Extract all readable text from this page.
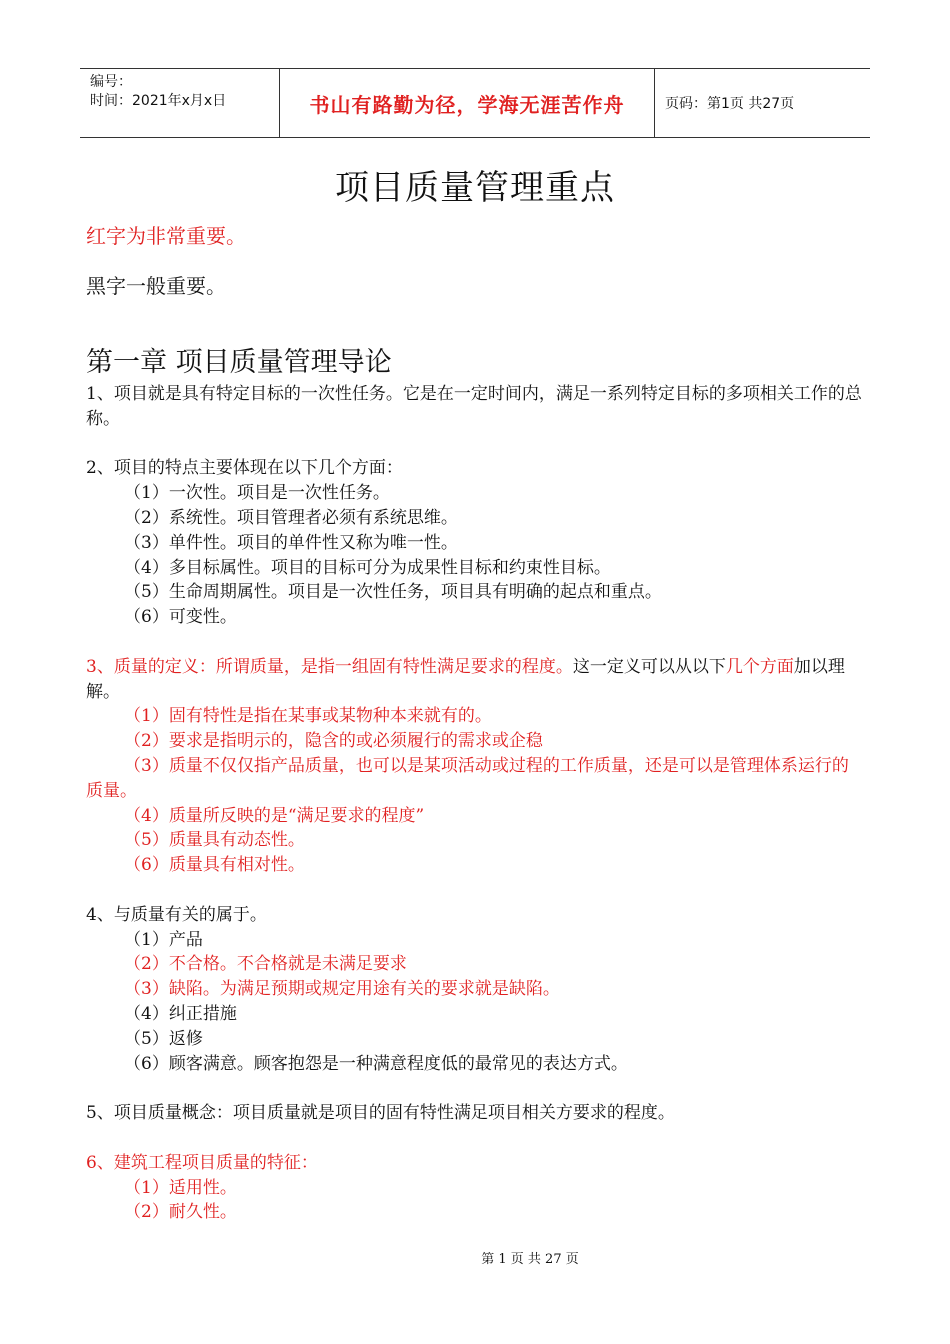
编号：
时间：2021年x月x日	书山有路勤为径，学海无涯苦作舟	页码：第1页 共27页
项目质量管理重点
红字为非常重要。
黑字一般重要。
第一章 项目质量管理导论

1、项目就是具有特定目标的一次性任务。它是在一定时间内，满足一系列特定目标的多项相关工作的总称。

2、项目的特点主要体现在以下几个方面：

（1）一次性。项目是一次性任务。

（2）系统性。项目管理者必须有系统思维。

（3）单件性。项目的单件性又称为唯一性。

（4）多目标属性。项目的目标可分为成果性目标和约束性目标。

（5）生命周期属性。项目是一次性任务，项目具有明确的起点和重点。

（6）可变性。

3、质量的定义：所谓质量，是指一组固有特性满足要求的程度。这一定义可以从以下几个方面加以理解。

（1）固有特性是指在某事或某物种本来就有的。

（2）要求是指明示的，隐含的或必须履行的需求或企稳

（3）质量不仅仅指产品质量，也可以是某项活动或过程的工作质量，还是可以是管理体系运行的质量。

（4）质量所反映的是“满足要求的程度”

（5）质量具有动态性。

（6）质量具有相对性。

4、与质量有关的属于。

（1）产品

（2）不合格。不合格就是未满足要求

（3）缺陷。为满足预期或规定用途有关的要求就是缺陷。

（4）纠正措施

（5）返修

（6）顾客满意。顾客抱怨是一种满意程度低的最常见的表达方式。

5、项目质量概念：项目质量就是项目的固有特性满足项目相关方要求的程度。

6、建筑工程项目质量的特征：

（1）适用性。

（2）耐久性。

第 1 页 共 27 页
